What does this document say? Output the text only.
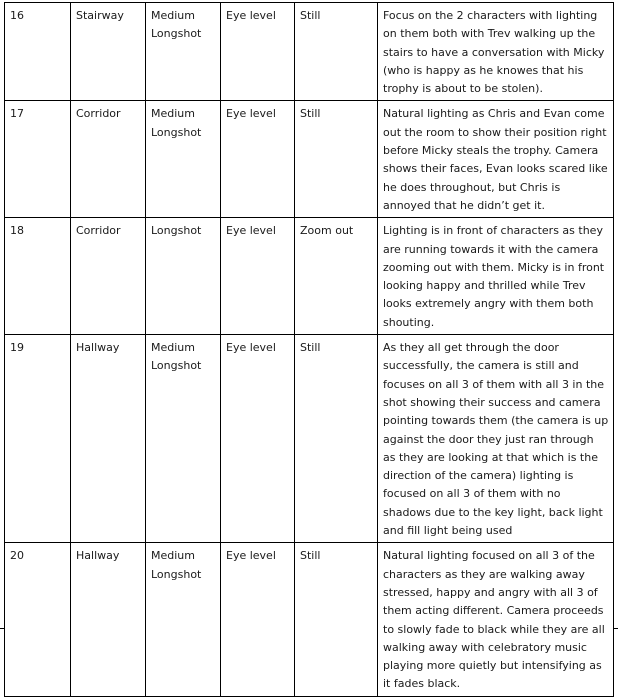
16	Stairway	Medium Longshot	Eye level	Still	Focus on the 2 characters with lighting on them both with Trev walking up the stairs to have a conversation with Micky (who is happy as he knowes that his trophy is about to be stolen).
17	Corridor	Medium Longshot	Eye level	Still	Natural lighting as Chris and Evan come out the room to show their position right before Micky steals the trophy. Camera shows their faces, Evan looks scared like he does throughout, but Chris is annoyed that he didn’t get it.
18	Corridor	Longshot	Eye level	Zoom out	Lighting is in front of characters as they are running towards it with the camera zooming out with them. Micky is in front looking happy and thrilled while Trev looks extremely angry with them both shouting.
19	Hallway	Medium Longshot	Eye level	Still	As they all get through the door successfully, the camera is still and focuses on all 3 of them with all 3 in the shot showing their success and camera pointing towards them (the camera is up against the door they just ran through as they are looking at that which is the direction of the camera) lighting is focused on all 3 of them with no shadows due to the key light, back light and fill light being used
20	Hallway	Medium Longshot	Eye level	Still	Natural lighting focused on all 3 of the characters as they are walking away stressed, happy and angry with all 3 of them acting different. Camera proceeds to slowly fade to black while they are all walking away with celebratory music playing more quietly but intensifying as it fades black.
